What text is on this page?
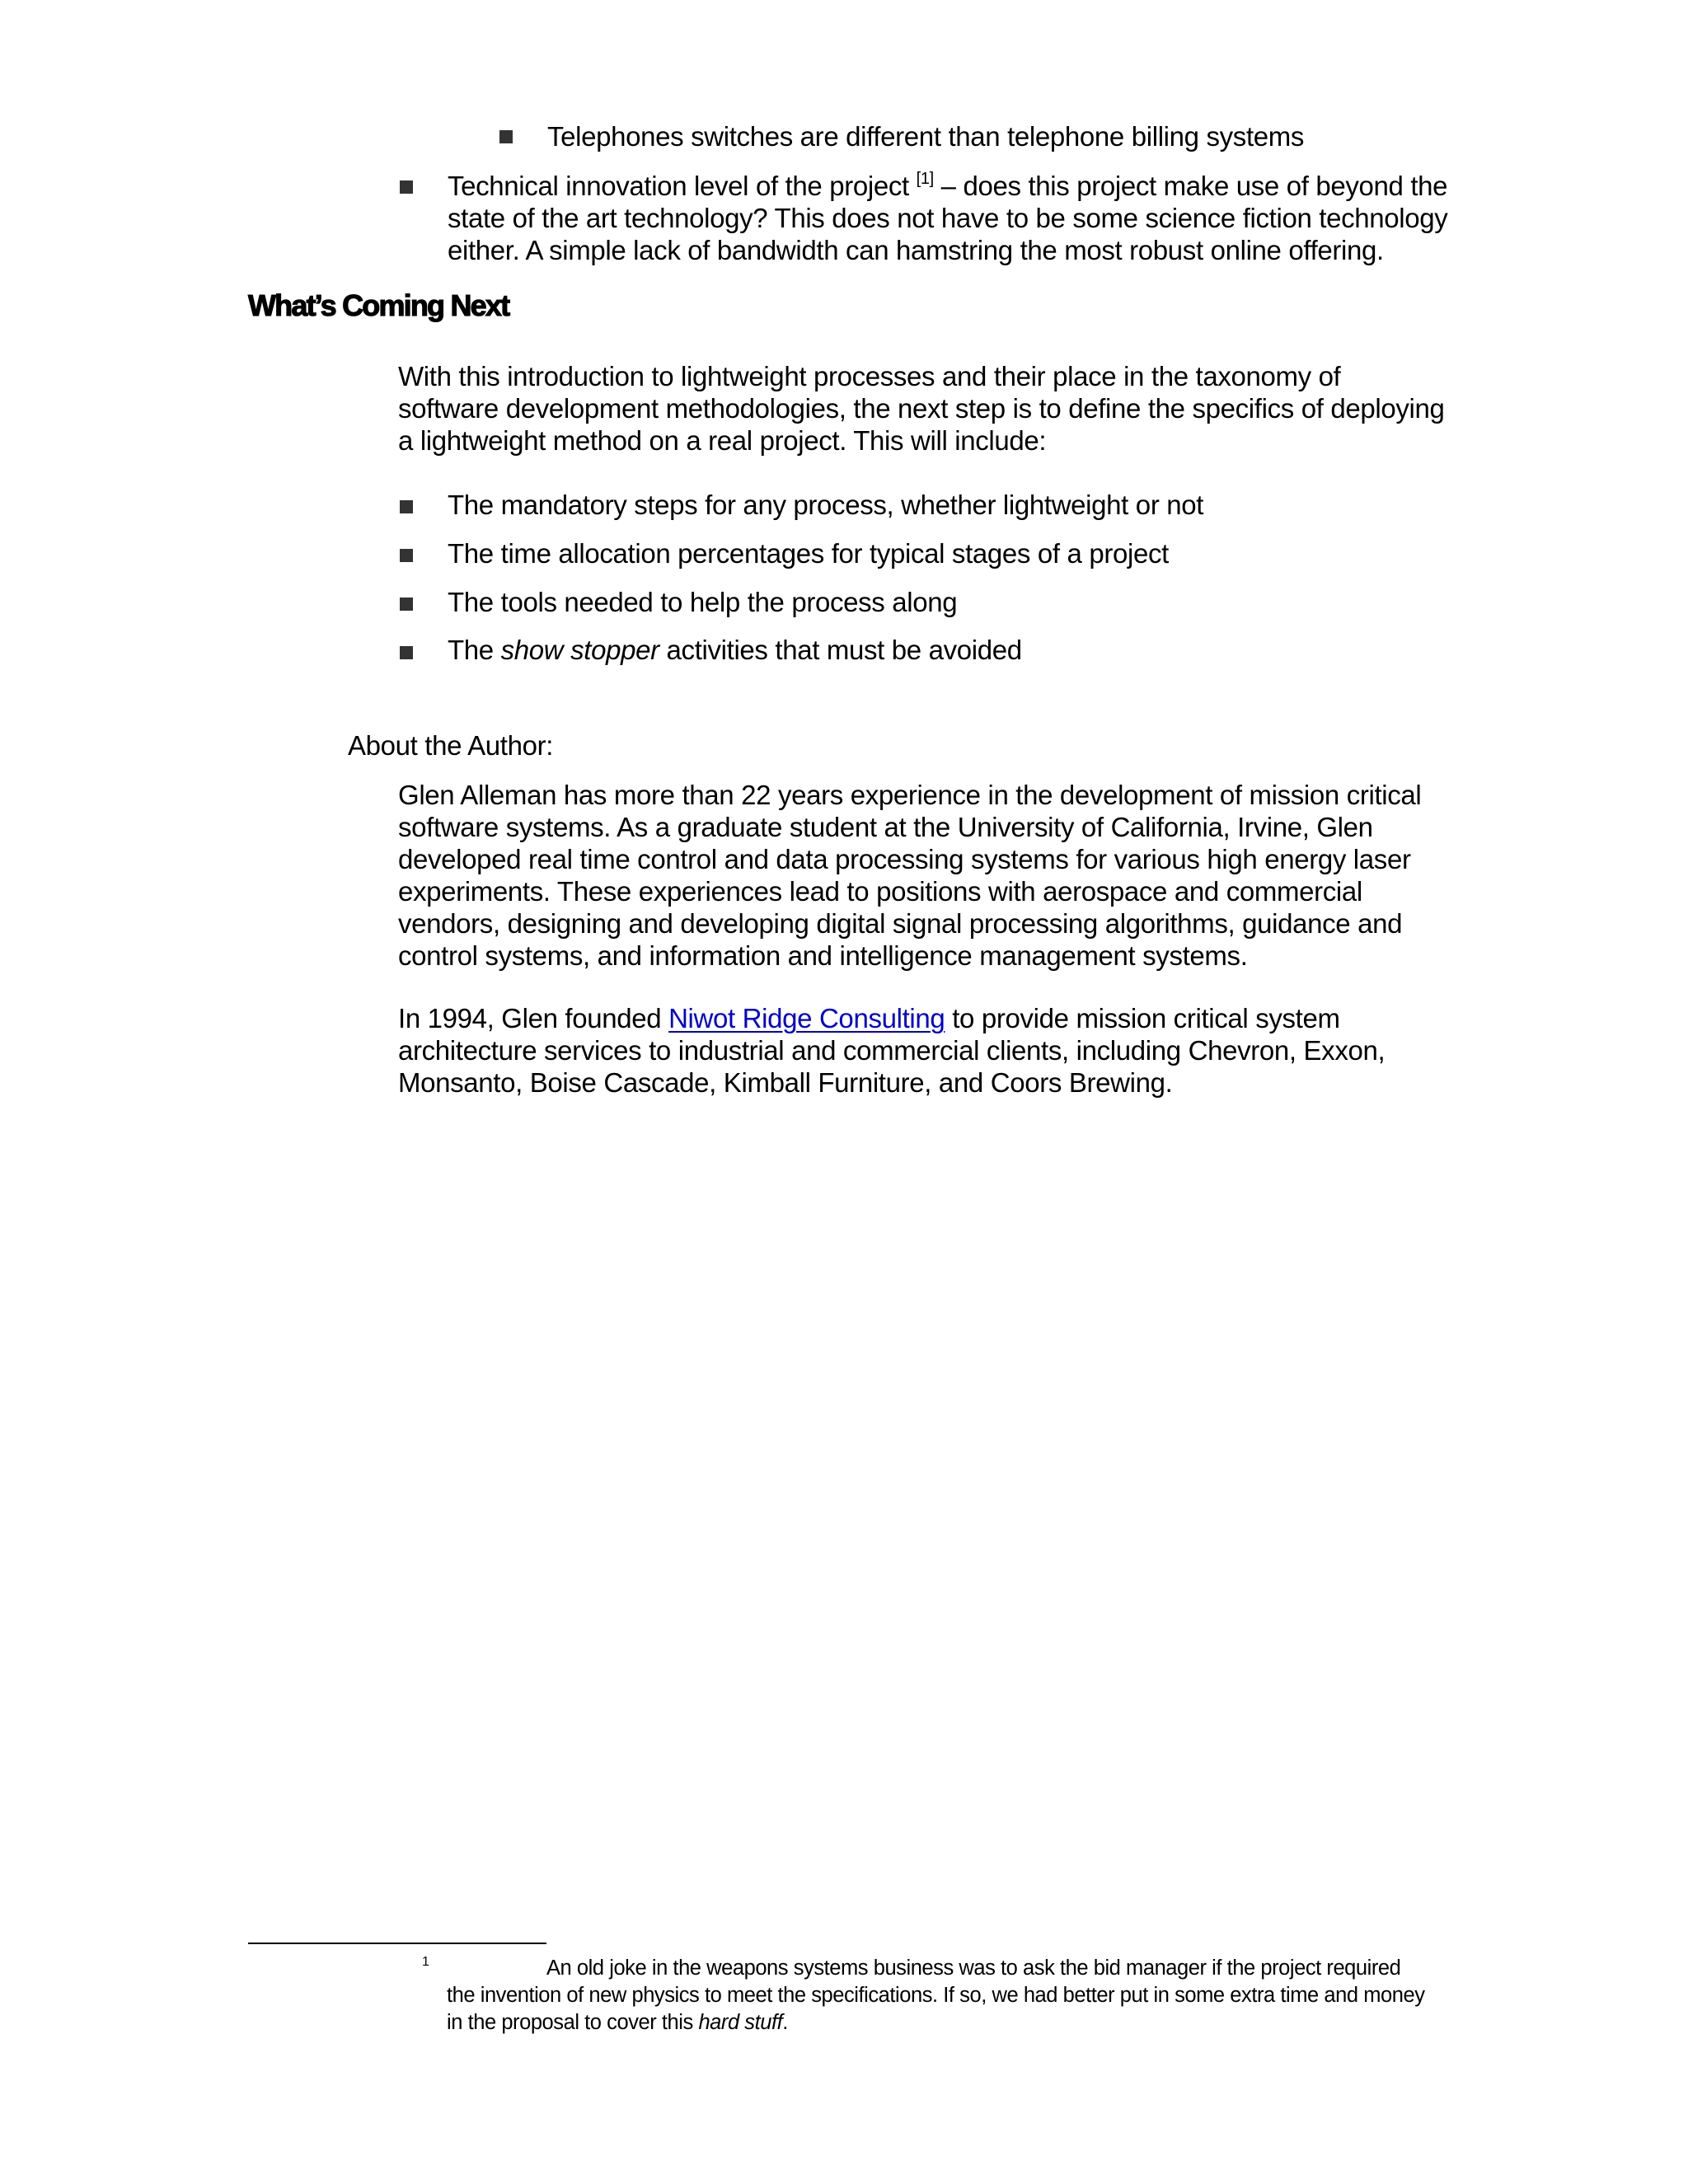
Telephones switches are different than telephone billing systems
Technical innovation level of the project [1] – does this project make use of beyond the state of the art technology? This does not have to be some science fiction technology either. A simple lack of bandwidth can hamstring the most robust online offering.
What’s Coming Next
With this introduction to lightweight processes and their place in the taxonomy of software development methodologies, the next step is to define the specifics of deploying a lightweight method on a real project. This will include:
The mandatory steps for any process, whether lightweight or not
The time allocation percentages for typical stages of a project
The tools needed to help the process along
The show stopper activities that must be avoided
About the Author:
Glen Alleman has more than 22 years experience in the development of mission critical software systems. As a graduate student at the University of California, Irvine, Glen developed real time control and data processing systems for various high energy laser experiments. These experiences lead to positions with aerospace and commercial vendors, designing and developing digital signal processing algorithms, guidance and control systems, and information and intelligence management systems.
In 1994, Glen founded Niwot Ridge Consulting to provide mission critical system architecture services to industrial and commercial clients, including Chevron, Exxon, Monsanto, Boise Cascade, Kimball Furniture, and Coors Brewing.
1	An old joke in the weapons systems business was to ask the bid manager if the project required the invention of new physics to meet the specifications. If so, we had better put in some extra time and money in the proposal to cover this hard stuff.
